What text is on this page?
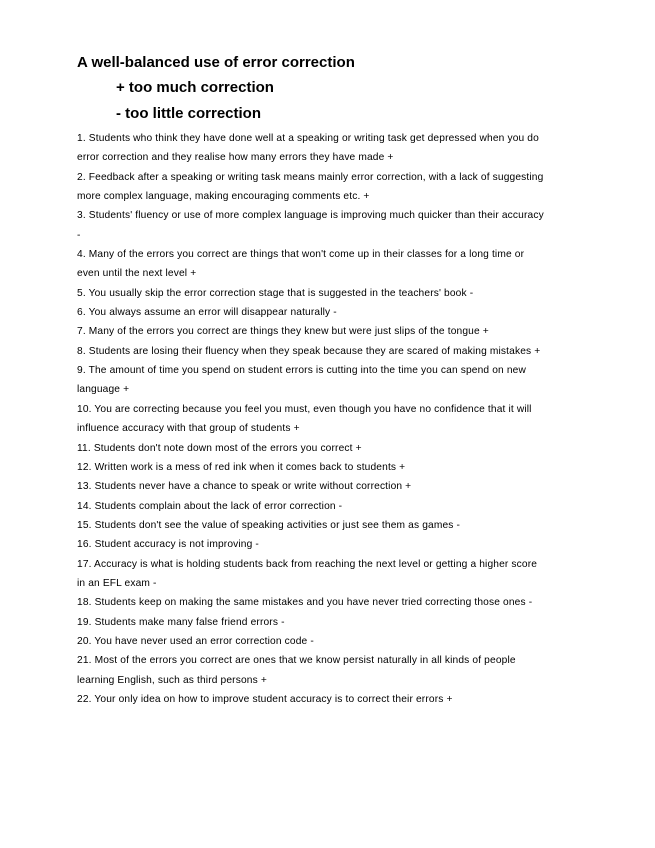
A well-balanced use of error correction
+ too much correction
- too little correction
1. Students who think they have done well at a speaking or writing task get depressed when you do
error correction and they realise how many errors they have made +
2. Feedback after a speaking or writing task means mainly error correction, with a lack of suggesting
more complex language, making encouraging comments etc. +
3. Students' fluency or use of more complex language is improving much quicker than their accuracy
-
4. Many of the errors you correct are things that won't come up in their classes for a long time or
even until the next level +
5. You usually skip the error correction stage that is suggested in the teachers' book -
6. You always assume an error will disappear naturally -
7. Many of the errors you correct are things they knew but were just slips of the tongue +
8. Students are losing their fluency when they speak because they are scared of making mistakes +
9. The amount of time you spend on student errors is cutting into the time you can spend on new
language +
10. You are correcting because you feel you must, even though you have no confidence that it will
influence accuracy with that group of students +
11. Students don't note down most of the errors you correct +
12. Written work is a mess of red ink when it comes back to students +
13. Students never have a chance to speak or write without correction +
14. Students complain about the lack of error correction -
15. Students don't see the value of speaking activities or just see them as games -
16. Student accuracy is not improving -
17. Accuracy is what is holding students back from reaching the next level or getting a higher score
in an EFL exam -
18. Students keep on making the same mistakes and you have never tried correcting those ones -
19. Students make many false friend errors -
20. You have never used an error correction code -
21. Most of the errors you correct are ones that we know persist naturally in all kinds of people
learning English, such as third persons +
22. Your only idea on how to improve student accuracy is to correct their errors +
